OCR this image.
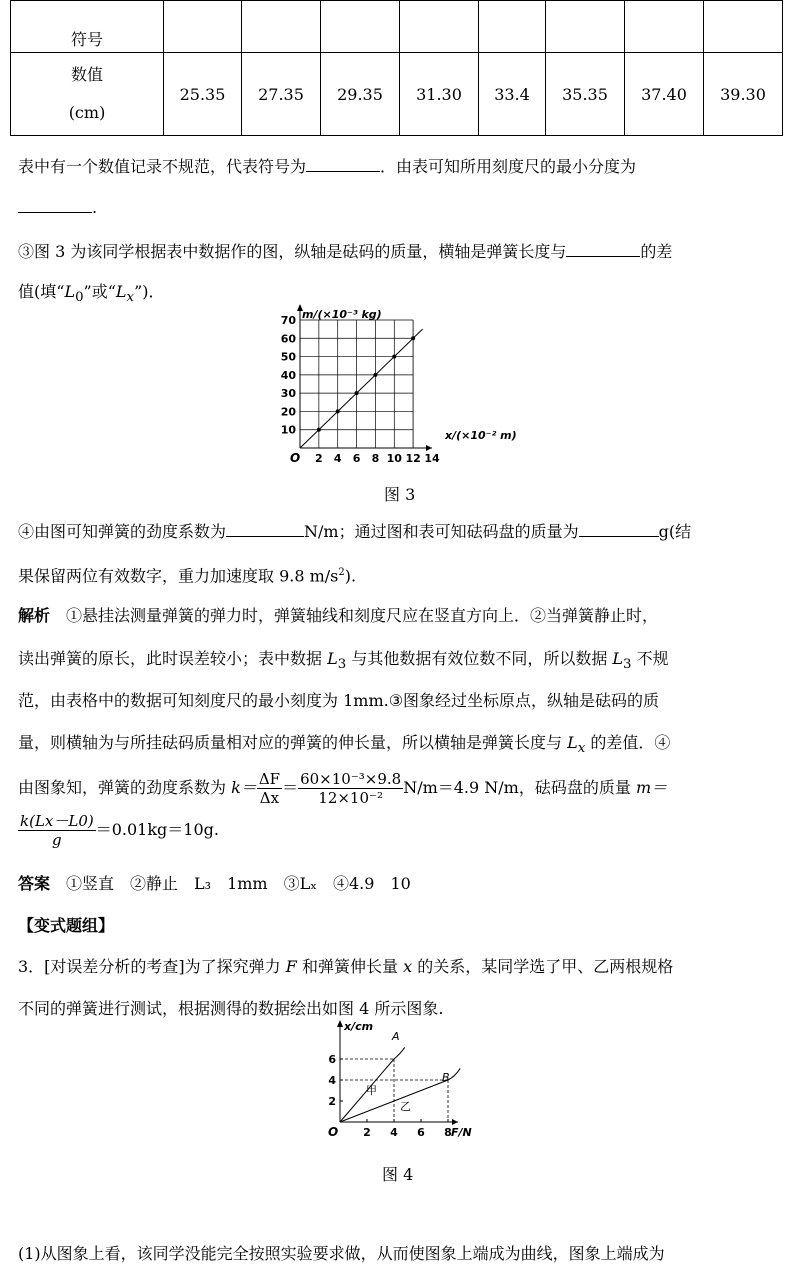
符号								

数值
(cm)	25.35	27.35	29.35	31.30	33.4	35.35	37.40	39.30
表中有一个数值记录不规范，代表符号为	．由表可知所用刻度尺的最小分度为
.
③图 3 为该同学根据表中数据作的图，纵轴是砝码的质量，横轴是弹簧长度与	的差
值(填“$L_0$”或“$L_x$”)．
10
20
30
40
50
60
70
2 4 6 8 10 12 14
m/(×10⁻³ kg)
x/(×10⁻² m)
O
图 3
④由图可知弹簧的劲度系数为	N/m；通过图和表可知砝码盘的质量为	g(结
果保留两位有效数字，重力加速度取 9.8 $m/s^2$).
解析　 ①悬挂法测量弹簧的弹力时，弹簧轴线和刻度尺应在竖直方向上．②当弹簧静止时，
读出弹簧的原长，此时误差较小；表中数据 $L_3$ 与其他数据有效位数不同，所以数据 $L_3$ 不规
范，由表格中的数据可知刻度尺的最小刻度为 1mm.③图象经过坐标原点，纵轴是砝码的质
量，则横轴为与所挂砝码质量相对应的弹簧的伸长量，所以横轴是弹簧长度与 $L_x$ 的差值．④
由图象知，弹簧的劲度系数为 $k= \frac{\Delta F}{\Delta x} = \frac{\text{60×10⁻³×9.8}}{\text{12×10⁻²}} N/m=4.9$ N/m，砝码盘的质量 m＝
$\frac{k(Lx-L0)}{g} =0.01kg=10g$.
答案　 ①竖直　②静止　L₃　1mm　③Lₓ　④4.9　10
【变式题组】
3．[对误差分析的考查]为了探究弹力 F 和弹簧伸长量 x 的关系，某同学选了甲、乙两根规格
不同的弹簧进行测试，根据测得的数据绘出如图 4 所示图象.
2 4 6 8
2
4
6
x/cm
F/N
O
A
B
甲
乙
图 4
(1)从图象上看，该同学没能完全按照实验要求做，从而使图象上端成为曲线，图象上端成为
